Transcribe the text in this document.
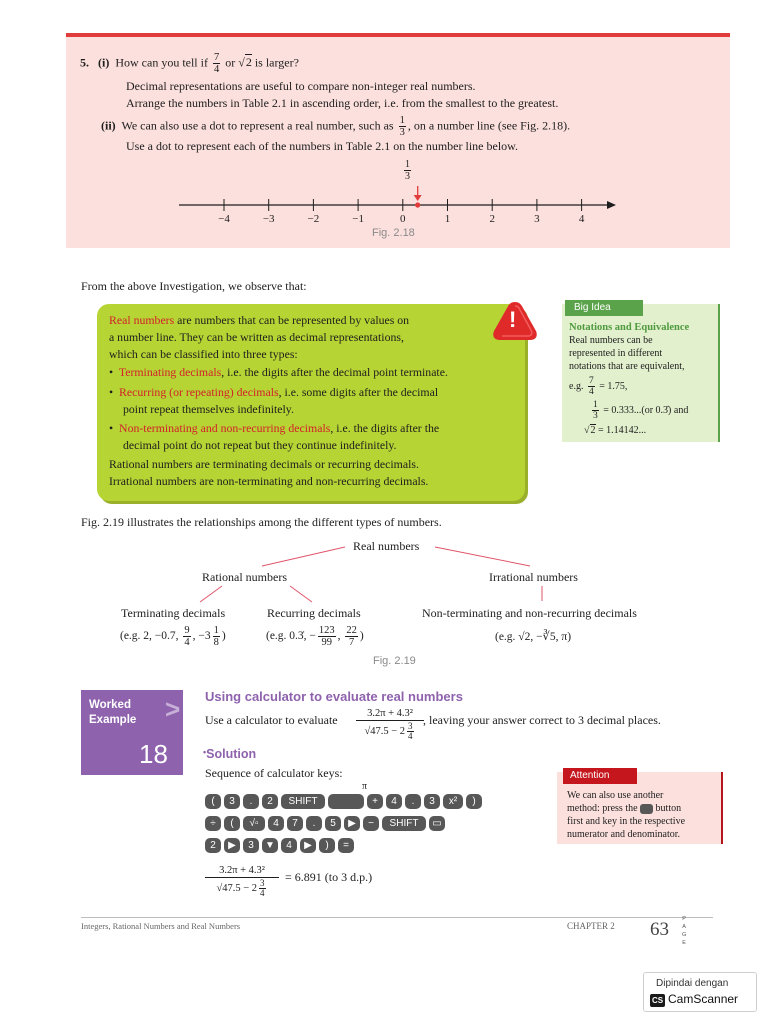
5. (i) How can you tell if $\frac{7}{4}$ or √2 is larger?
Decimal representations are useful to compare non-integer real numbers.
Arrange the numbers in Table 2.1 in ascending order, i.e. from the smallest to the greatest.
(ii) We can also use a dot to represent a real number, such as $\frac{1}{3}$ , on a number line (see Fig. 2.18).
Use a dot to represent each of the numbers in Table 2.1 on the number line below.
$\frac{1}{3}$
−4	−3	−2	−1	0	1	2	3	4
Fig. 2.18
From the above Investigation, we observe that:
Real numbers are numbers that can be represented by values on
a number line. They can be written as decimal representations,
which can be classified into three types:
• Terminating decimals, i.e. the digits after the decimal point terminate.
• Recurring (or repeating) decimals, i.e. some digits after the decimal
point repeat themselves indefinitely.
• Non-terminating and non-recurring decimals, i.e. the digits after the
decimal point do not repeat but they continue indefinitely.
Rational numbers are terminating decimals or recurring decimals.
Irrational numbers are non-terminating and non-recurring decimals.
!	Notations and Equivalence
Real numbers can be
represented in different
notations that are equivalent,
e.g. $\frac{7}{4} = 1.75$,
$\frac{1}{3} = 0.333...(or$ 0.3̇) and
√2 = 1.14142...
Big Idea
Fig. 2.19 illustrates the relationships among the different types of numbers.
Real numbers
Rational numbers	Irrational numbers
Terminating decimals	Recurring decimals	Non-terminating and non-recurring decimals
(e.g. 2, −0.7, $\frac{9}{4}$ , $-3 \frac{1}{8}$ )	(e.g. 0.3̇, − $\frac{123}{99}$ , $\frac{22}{7}$ )	(e.g. √2, −∛5, π)
Fig. 2.19
Worked
Example
18
> Using calculator to evaluate real numbers
Use a calculator to evaluate	3.2π + 4.3²
$√47.5 - 2 \frac{3}{4}$
, leaving your answer correct to 3 decimal places.
•Solution
Sequence of calculator keys:
π
(	3	.	2	SHIFT	+	4	.	3	x²	)
÷	(	√▫	4	7	.	5	▶	−	SHIFT	▭
2	▶	3	▼	4	▶	)	=
3.2π + 4.3²
$√47.5 - 2 \frac{3}{4}$
= 6.891 (to 3 d.p.)
We can also use another
method: press the button
first and key in the respective
numerator and denominator.
Attention
Integers, Rational Numbers and Real Numbers	CHAPTER 2 63 P
A
G
E
Dipindai dengan
CS CamScanner
